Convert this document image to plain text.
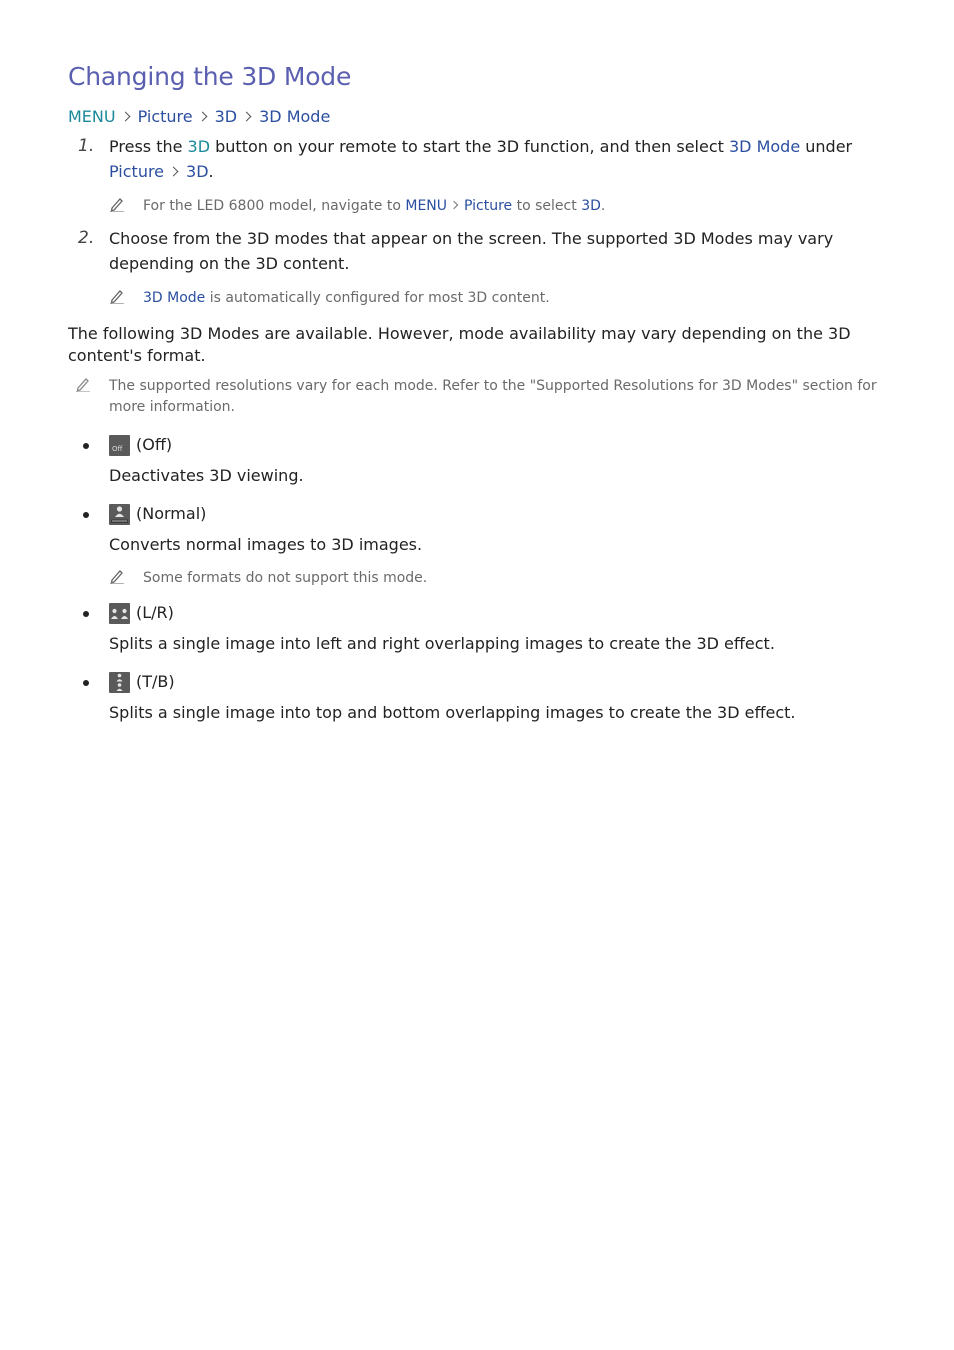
Changing the 3D Mode
MENU Picture 3D 3D Mode
1. Press the 3D button on your remote to start the 3D function, and then select 3D Mode under
Picture 3D.
For the LED 6800 model, navigate to MENU Picture to select 3D.
2. Choose from the 3D modes that appear on the screen. The supported 3D Modes may vary depending on the 3D content.
3D Mode is automatically configured for most 3D content.
The following 3D Modes are available. However, mode availability may vary depending on the 3D content's format.
The supported resolutions vary for each mode. Refer to the "Supported Resolutions for 3D Modes" section for more information.
Off
(Off)
Deactivates 3D viewing.
(Normal)
Converts normal images to 3D images.
Some formats do not support this mode.
(L/R)
Splits a single image into left and right overlapping images to create the 3D effect.
(T/B)
Splits a single image into top and bottom overlapping images to create the 3D effect.
